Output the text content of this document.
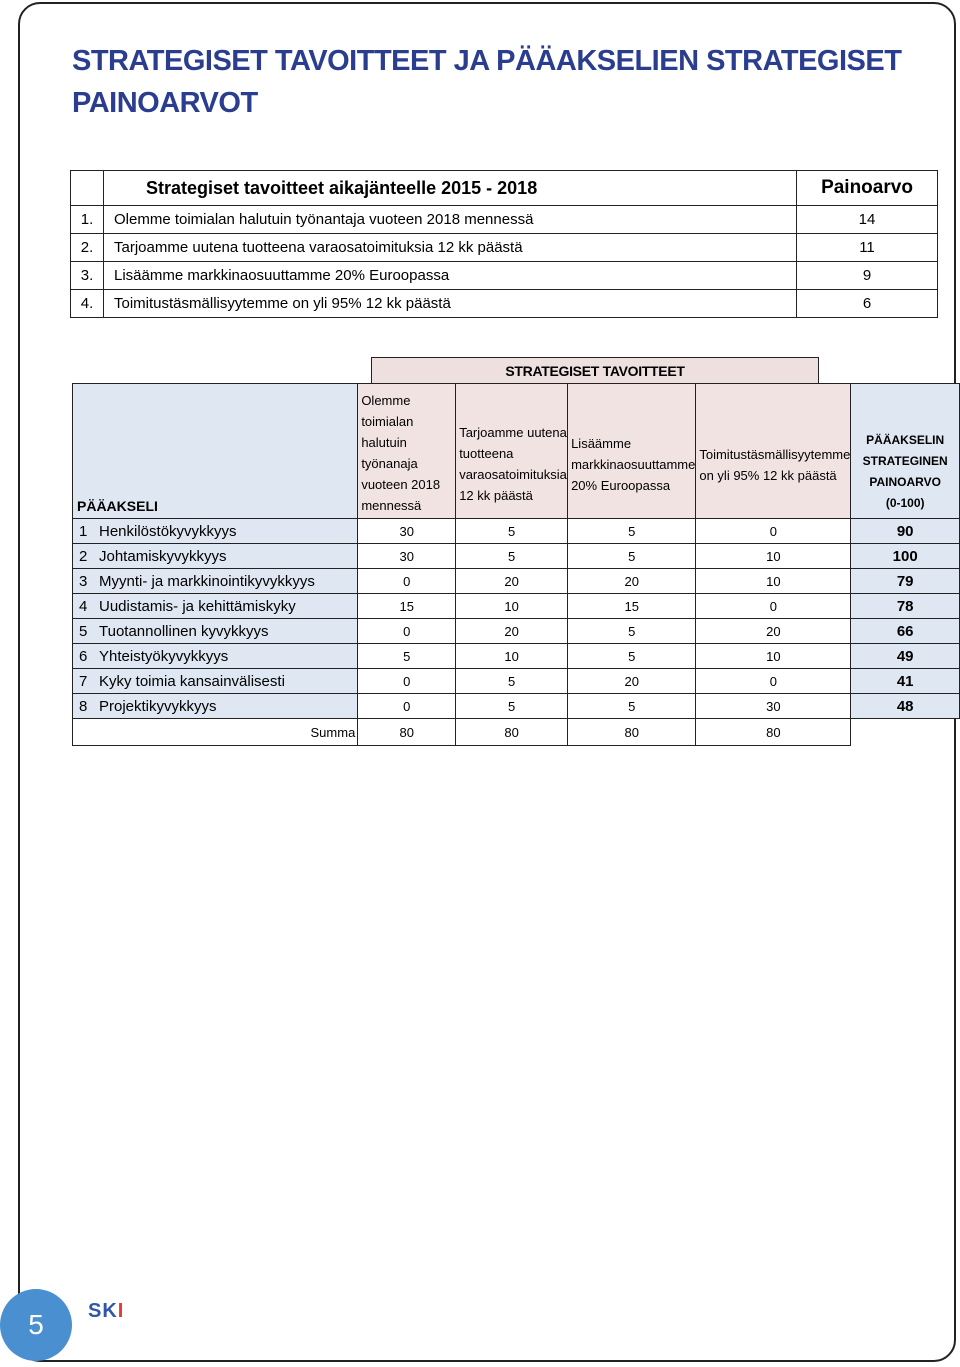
STRATEGISET TAVOITTEET JA PÄÄAKSELIEN STRATEGISET PAINOARVOT
	Strategiset tavoitteet aikajänteelle 2015 - 2018	Painoarvo
1.	Olemme toimialan halutuin työnantaja vuoteen 2018 mennessä	14
2.	Tarjoamme uutena tuotteena varaosatoimituksia 12 kk päästä	11
3.	Lisäämme markkinaosuuttamme 20% Euroopassa	9
4.	Toimitustäsmällisyytemme on yli 95% 12 kk päästä	6
STRATEGISET TAVOITTEET
PÄÄAKSELI	Olemme toimialan halutuin työnanaja vuoteen 2018 mennessä	Tarjoamme uutena tuotteena varaosatoimituksia 12 kk päästä	Lisäämme markkinaosuuttamme 20% Euroopassa	Toimitustäsmällisyytemme on yli 95% 12 kk päästä	PÄÄAKSELIN
STRATEGINEN
PAINOARVO
(0-100)

1 Henkilöstökyvykkyys	30	5	5	0	90
2 Johtamiskyvykkyys	30	5	5	10	100
3 Myynti- ja markkinointikyvykkyys	0	20	20	10	79
4 Uudistamis- ja kehittämiskyky	15	10	15	0	78
5 Tuotannollinen kyvykkyys	0	20	5	20	66
6 Yhteistyökyvykkyys	5	10	5	10	49
7 Kyky toimia kansainvälisesti	0	5	20	0	41
8 Projektikyvykkyys	0	5	5	30	48
Summa	80	80	80	80	
5	SKI
